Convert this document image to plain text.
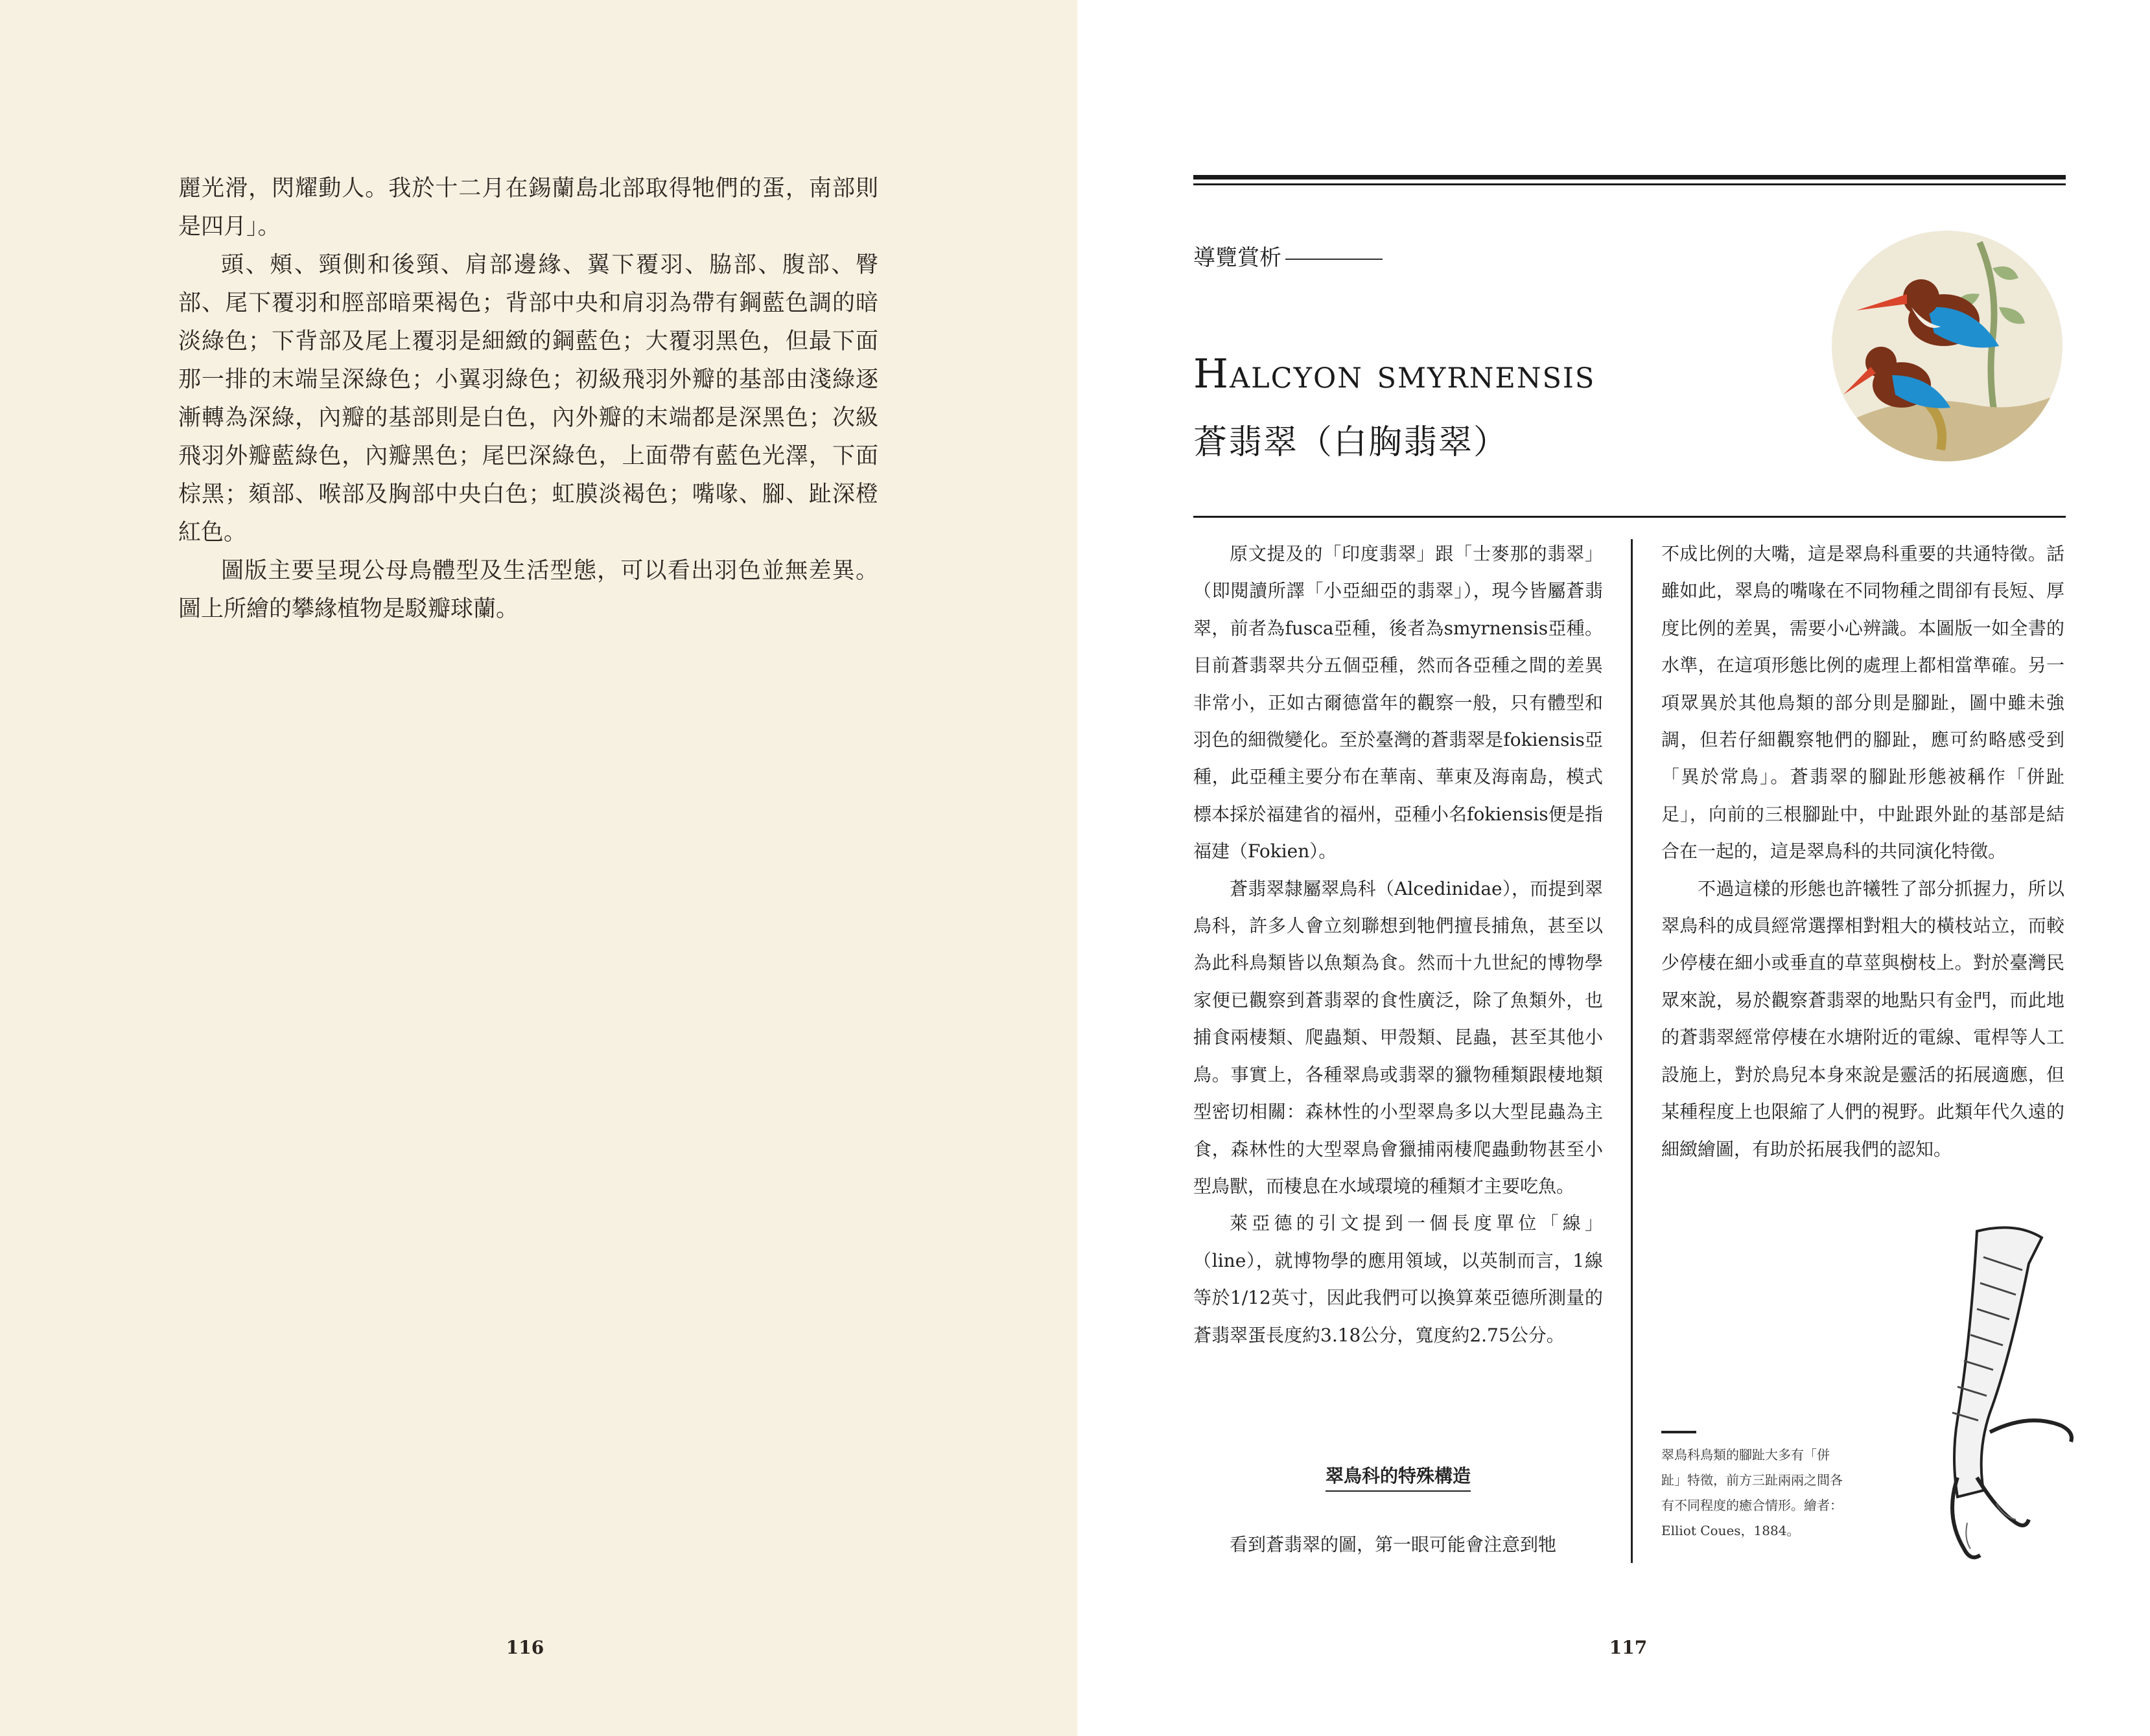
麗光滑，閃耀動人。我於十二月在錫蘭島北部取得牠們的蛋，南部則是四月」。

頭、頰、頸側和後頸、肩部邊緣、翼下覆羽、脇部、腹部、臀部、尾下覆羽和脛部暗栗褐色；背部中央和肩羽為帶有鋼藍色調的暗淡綠色；下背部及尾上覆羽是細緻的鋼藍色；大覆羽黑色，但最下面那一排的末端呈深綠色；小翼羽綠色；初級飛羽外瓣的基部由淺綠逐漸轉為深綠，內瓣的基部則是白色，內外瓣的末端都是深黑色；次級飛羽外瓣藍綠色，內瓣黑色；尾巴深綠色，上面帶有藍色光澤，下面棕黑；頦部、喉部及胸部中央白色；虹膜淡褐色；嘴喙、腳、趾深橙紅色。

圖版主要呈現公母鳥體型及生活型態，可以看出羽色並無差異。圖上所繪的攀緣植物是駁瓣球蘭。

116
導覽賞析
Halcyon smyrnensis
蒼翡翠（白胸翡翠）

原文提及的「印度翡翠」跟「士麥那的翡翠」（即閱讀所譯「小亞細亞的翡翠」），現今皆屬蒼翡翠，前者為fusca亞種，後者為smyrnensis亞種。目前蒼翡翠共分五個亞種，然而各亞種之間的差異非常小，正如古爾德當年的觀察一般，只有體型和羽色的細微變化。至於臺灣的蒼翡翠是fokiensis亞種，此亞種主要分布在華南、華東及海南島，模式標本採於福建省的福州，亞種小名fokiensis便是指福建（Fokien）。

蒼翡翠隸屬翠鳥科（Alcedinidae），而提到翠鳥科，許多人會立刻聯想到牠們擅長捕魚，甚至以為此科鳥類皆以魚類為食。然而十九世紀的博物學家便已觀察到蒼翡翠的食性廣泛，除了魚類外，也捕食兩棲類、爬蟲類、甲殼類、昆蟲，甚至其他小鳥。事實上，各種翠鳥或翡翠的獵物種類跟棲地類型密切相關：森林性的小型翠鳥多以大型昆蟲為主食，森林性的大型翠鳥會獵捕兩棲爬蟲動物甚至小型鳥獸，而棲息在水域環境的種類才主要吃魚。

萊亞德的引文提到一個長度單位「線」（line），就博物學的應用領域，以英制而言，1線等於1/12英寸，因此我們可以換算萊亞德所測量的蒼翡翠蛋長度約3.18公分，寬度約2.75公分。

翠鳥科的特殊構造
看到蒼翡翠的圖，第一眼可能會注意到牠

不成比例的大嘴，這是翠鳥科重要的共通特徵。話雖如此，翠鳥的嘴喙在不同物種之間卻有長短、厚度比例的差異，需要小心辨識。本圖版一如全書的水準，在這項形態比例的處理上都相當準確。另一項眾異於其他鳥類的部分則是腳趾，圖中雖未強調，但若仔細觀察牠們的腳趾，應可約略感受到「異於常鳥」。蒼翡翠的腳趾形態被稱作「併趾足」，向前的三根腳趾中，中趾跟外趾的基部是結合在一起的，這是翠鳥科的共同演化特徵。

不過這樣的形態也許犧牲了部分抓握力，所以翠鳥科的成員經常選擇相對粗大的橫枝站立，而較少停棲在細小或垂直的草莖與樹枝上。對於臺灣民眾來說，易於觀察蒼翡翠的地點只有金門，而此地的蒼翡翠經常停棲在水塘附近的電線、電桿等人工設施上，對於鳥兒本身來說是靈活的拓展適應，但某種程度上也限縮了人們的視野。此類年代久遠的細緻繪圖，有助於拓展我們的認知。

翠鳥科鳥類的腳趾大多有「併趾」特徵，前方三趾兩兩之間各有不同程度的癒合情形。繪者：Elliot Coues，1884。
117
